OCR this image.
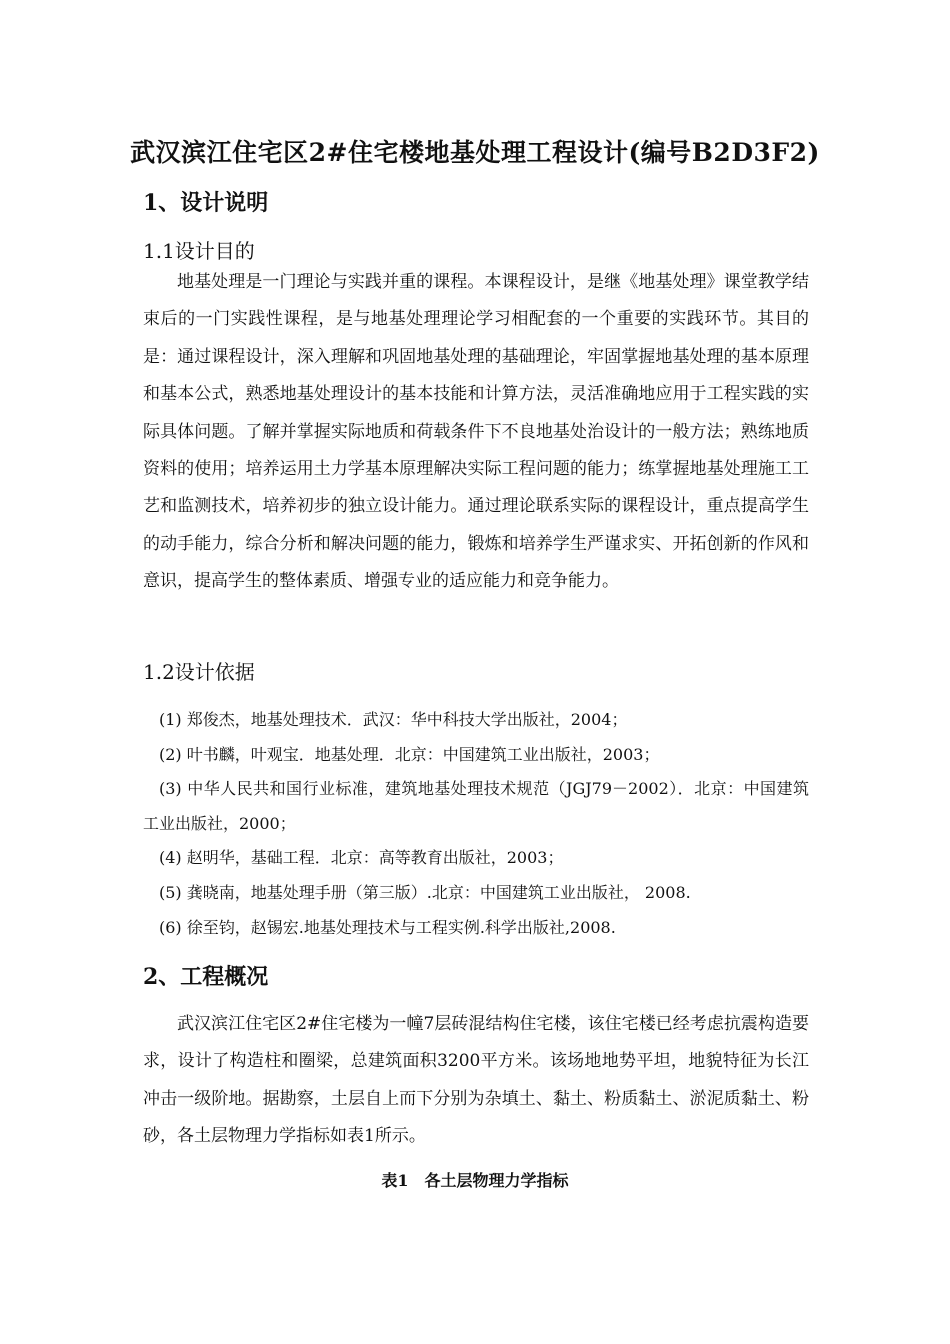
武汉滨江住宅区2#住宅楼地基处理工程设计(编号B2D3F2)
1、设计说明
1.1设计目的

地基处理是一门理论与实践并重的课程。本课程设计，是继《地基处理》课堂教学结束后的一门实践性课程，是与地基处理理论学习相配套的一个重要的实践环节。其目的是：通过课程设计，深入理解和巩固地基处理的基础理论，牢固掌握地基处理的基本原理和基本公式，熟悉地基处理设计的基本技能和计算方法，灵活准确地应用于工程实践的实际具体问题。了解并掌握实际地质和荷载条件下不良地基处治设计的一般方法；熟练地质资料的使用；培养运用土力学基本原理解决实际工程问题的能力；练掌握地基处理施工工艺和监测技术，培养初步的独立设计能力。通过理论联系实际的课程设计，重点提高学生的动手能力，综合分析和解决问题的能力，锻炼和培养学生严谨求实、开拓创新的作风和意识，提高学生的整体素质、增强专业的适应能力和竞争能力。

1.2设计依据
(1) 郑俊杰，地基处理技术．武汉：华中科技大学出版社，2004；
(2) 叶书麟，叶观宝．地基处理．北京：中国建筑工业出版社，2003；
(3) 中华人民共和国行业标准，建筑地基处理技术规范（JGJ79－2002）．北京：中国建筑工业出版社，2000；
(4) 赵明华，基础工程．北京：高等教育出版社，2003；
(5) 龚晓南，地基处理手册（第三版）.北京：中国建筑工业出版社， 2008.
(6) 徐至钧，赵锡宏.地基处理技术与工程实例.科学出版社,2008.
2、工程概况

武汉滨江住宅区2#住宅楼为一幢7层砖混结构住宅楼，该住宅楼已经考虑抗震构造要求，设计了构造柱和圈梁，总建筑面积3200平方米。该场地地势平坦，地貌特征为长江冲击一级阶地。据勘察，土层自上而下分别为杂填土、黏土、粉质黏土、淤泥质黏土、粉砂，各土层物理力学指标如表1所示。

表1　各土层物理力学指标
